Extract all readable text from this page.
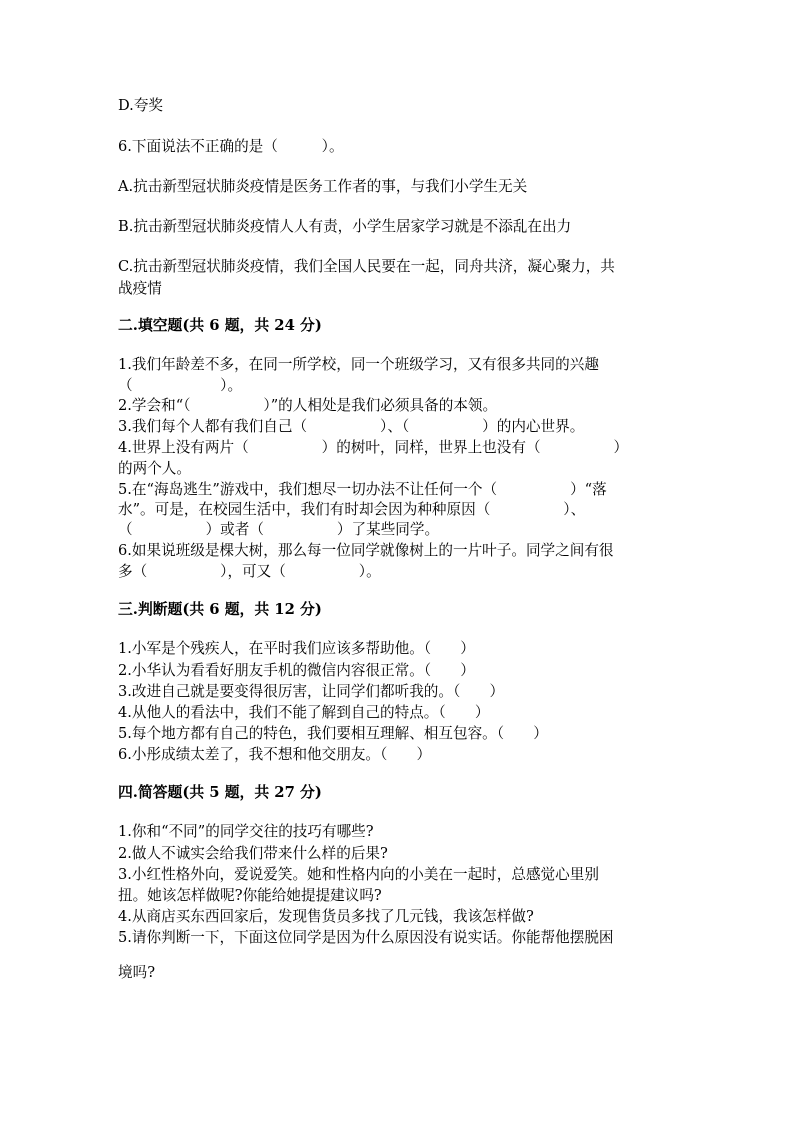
D.夸奖
6.下面说法不正确的是（　　　）。
A.抗击新型冠状肺炎疫情是医务工作者的事，与我们小学生无关
B.抗击新型冠状肺炎疫情人人有责，小学生居家学习就是不添乱在出力
C.抗击新型冠状肺炎疫情，我们全国人民要在一起，同舟共济，凝心聚力，共
战疫情
二.填空题(共 6 题，共 24 分)
1.我们年龄差不多，在同一所学校，同一个班级学习，又有很多共同的兴趣
（　　　　　　）。
2.学会和“（　　　　　）”的人相处是我们必须具备的本领。
3.我们每个人都有我们自己（　　　　　）、（　　　　　）的内心世界。
4.世界上没有两片（　　　　　）的树叶，同样，世界上也没有（　　　　　）
的两个人。
5.在“海岛逃生”游戏中，我们想尽一切办法不让任何一个（　　　　　）“落
水”。可是，在校园生活中，我们有时却会因为种种原因（　　　　　）、
（　　　　　）或者（　　　　　）了某些同学。
6.如果说班级是棵大树，那么每一位同学就像树上的一片叶子。同学之间有很
多（　　　　　），可又（　　　　　）。
三.判断题(共 6 题，共 12 分)
1.小军是个残疾人，在平时我们应该多帮助他。（　　）
2.小华认为看看好朋友手机的微信内容很正常。（　　）
3.改进自己就是要变得很厉害，让同学们都听我的。（　　）
4.从他人的看法中，我们不能了解到自己的特点。（　　）
5.每个地方都有自己的特色，我们要相互理解、相互包容。（　　）
6.小彤成绩太差了，我不想和他交朋友。（　　）
四.简答题(共 5 题，共 27 分)
1.你和“不同”的同学交往的技巧有哪些?
2.做人不诚实会给我们带来什么样的后果?
3.小红性格外向，爱说爱笑。她和性格内向的小美在一起时，总感觉心里别
扭。她该怎样做呢?你能给她提提建议吗?
4.从商店买东西回家后，发现售货员多找了几元钱，我该怎样做?
5.请你判断一下，下面这位同学是因为什么原因没有说实话。你能帮他摆脱困
境吗?
